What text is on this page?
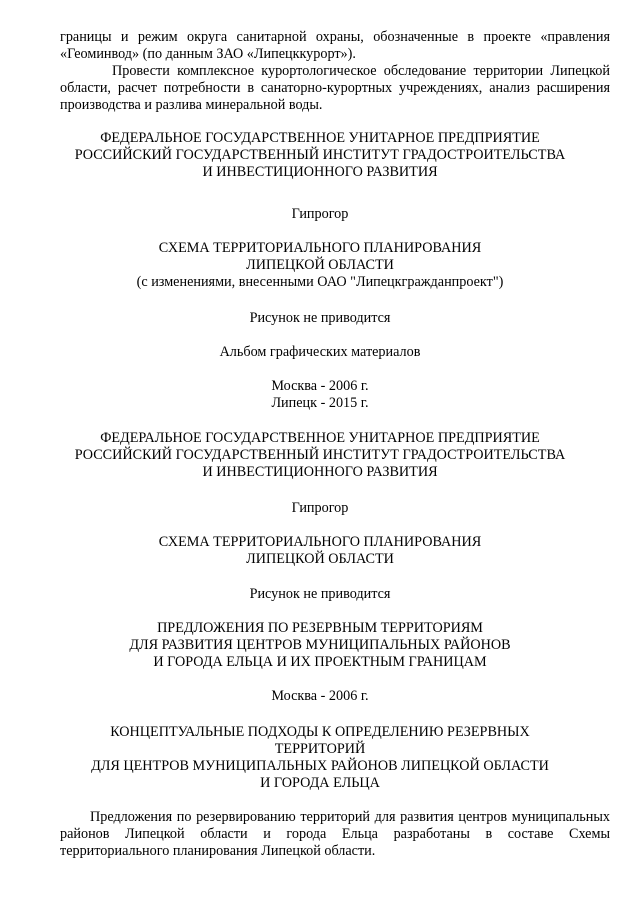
границы и режим округа санитарной охраны, обозначенные в проекте «правления «Геоминвод» (по данным ЗАО «Липецккурорт»).

Провести комплексное курортологическое обследование территории Липецкой области, расчет потребности в санаторно-курортных учреждениях, анализ расширения производства и разлива минеральной воды.

ФЕДЕРАЛЬНОЕ ГОСУДАРСТВЕННОЕ УНИТАРНОЕ ПРЕДПРИЯТИЕ
РОССИЙСКИЙ ГОСУДАРСТВЕННЫЙ ИНСТИТУТ ГРАДОСТРОИТЕЛЬСТВА
И ИНВЕСТИЦИОННОГО РАЗВИТИЯ
Гипрогор
СХЕМА ТЕРРИТОРИАЛЬНОГО ПЛАНИРОВАНИЯ
ЛИПЕЦКОЙ ОБЛАСТИ
(с изменениями, внесенными ОАО "Липецкгражданпроект")
Рисунок не приводится
Альбом графических материалов
Москва - 2006 г.
Липецк - 2015 г.
ФЕДЕРАЛЬНОЕ ГОСУДАРСТВЕННОЕ УНИТАРНОЕ ПРЕДПРИЯТИЕ
РОССИЙСКИЙ ГОСУДАРСТВЕННЫЙ ИНСТИТУТ ГРАДОСТРОИТЕЛЬСТВА
И ИНВЕСТИЦИОННОГО РАЗВИТИЯ
Гипрогор
СХЕМА ТЕРРИТОРИАЛЬНОГО ПЛАНИРОВАНИЯ
ЛИПЕЦКОЙ ОБЛАСТИ
Рисунок не приводится
ПРЕДЛОЖЕНИЯ ПО РЕЗЕРВНЫМ ТЕРРИТОРИЯМ
ДЛЯ РАЗВИТИЯ ЦЕНТРОВ МУНИЦИПАЛЬНЫХ РАЙОНОВ
И ГОРОДА ЕЛЬЦА И ИХ ПРОЕКТНЫМ ГРАНИЦАМ
Москва - 2006 г.
КОНЦЕПТУАЛЬНЫЕ ПОДХОДЫ К ОПРЕДЕЛЕНИЮ РЕЗЕРВНЫХ
ТЕРРИТОРИЙ
ДЛЯ ЦЕНТРОВ МУНИЦИПАЛЬНЫХ РАЙОНОВ ЛИПЕЦКОЙ ОБЛАСТИ
И ГОРОДА ЕЛЬЦА

Предложения по резервированию территорий для развития центров муниципальных районов Липецкой области и города Ельца разработаны в составе Схемы территориального планирования Липецкой области.
